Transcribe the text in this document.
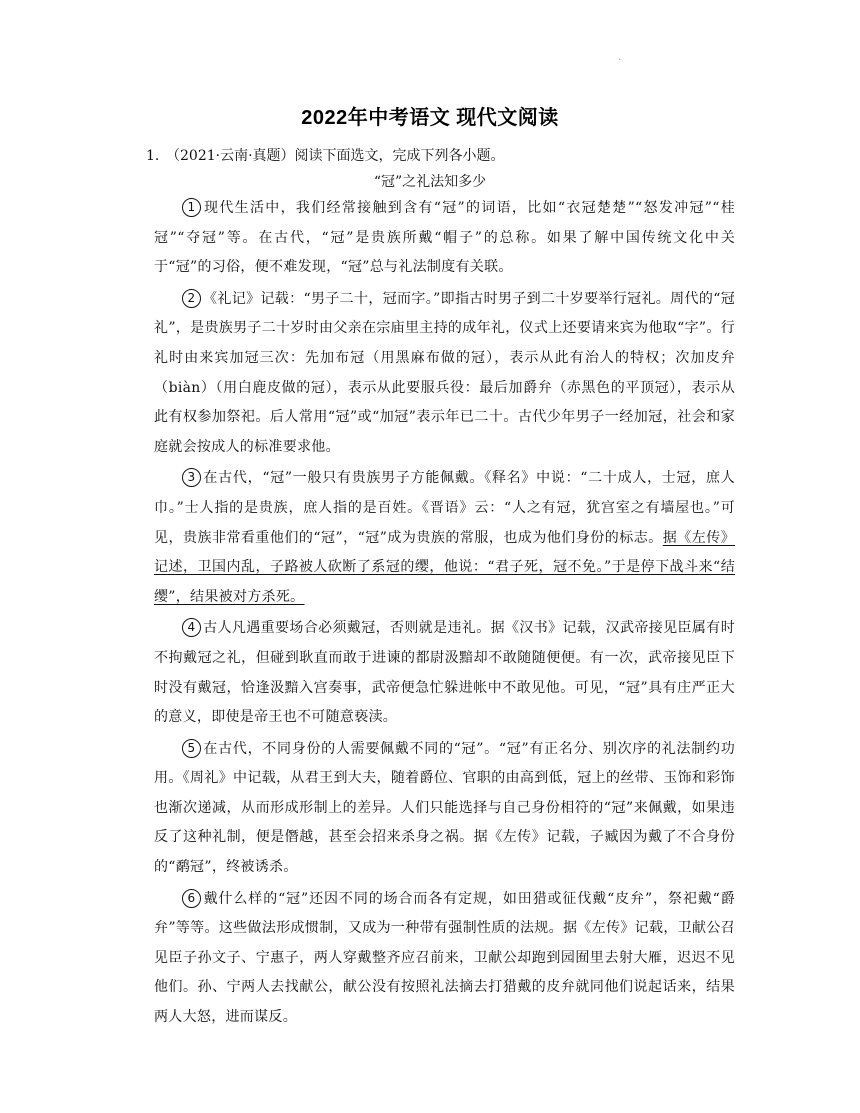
.
2022年中考语文 现代文阅读
1. （2021·云南·真题）阅读下面选文，完成下列各小题。
“冠”之礼法知多少

1 现代生活中，我们经常接触到含有“冠”的词语，比如“衣冠楚楚”“怒发冲冠”“桂冠”“夺冠”等。在古代，“冠”是贵族所戴“帽子”的总称。如果了解中国传统文化中关于“冠”的习俗，便不难发现，“冠”总与礼法制度有关联。

2 《礼记》记载：“男子二十，冠而字。”即指古时男子到二十岁要举行冠礼。周代的“冠礼”，是贵族男子二十岁时由父亲在宗庙里主持的成年礼，仪式上还要请来宾为他取“字”。行礼时由来宾加冠三次：先加布冠（用黑麻布做的冠），表示从此有治人的特权；次加皮弁（biàn）（用白鹿皮做的冠），表示从此要服兵役：最后加爵弁（赤黑色的平顶冠），表示从此有权参加祭祀。后人常用“冠”或“加冠”表示年已二十。古代少年男子一经加冠，社会和家庭就会按成人的标准要求他。

3 在古代，“冠”一般只有贵族男子方能佩戴。《释名》中说：“二十成人，士冠，庶人巾。”士人指的是贵族，庶人指的是百姓。《晋语》云：“人之有冠，犹宫室之有墙屋也。”可见，贵族非常看重他们的“冠”，“冠”成为贵族的常服，也成为他们身份的标志。据《左传》记述，卫国内乱，子路被人砍断了系冠的缨，他说：“君子死，冠不免。”于是停下战斗来“结缨”，结果被对方杀死。

4 古人凡遇重要场合必须戴冠，否则就是违礼。据《汉书》记载，汉武帝接见臣属有时不拘戴冠之礼，但碰到耿直而敢于进谏的都尉汲黯却不敢随随便便。有一次，武帝接见臣下时没有戴冠，恰逢汲黯入宫奏事，武帝便急忙躲进帐中不敢见他。可见，“冠”具有庄严正大的意义，即使是帝王也不可随意亵渎。

5 在古代，不同身份的人需要佩戴不同的“冠”。“冠”有正名分、别次序的礼法制约功用。《周礼》中记载，从君王到大夫，随着爵位、官职的由高到低，冠上的丝带、玉饰和彩饰也渐次递减，从而形成形制上的差异。人们只能选择与自己身份相符的“冠”来佩戴，如果违反了这种礼制，便是僭越，甚至会招来杀身之祸。据《左传》记载，子臧因为戴了不合身份的“鹬冠”，终被诱杀。

6 戴什么样的“冠”还因不同的场合而各有定规，如田猎或征伐戴“皮弁”，祭祀戴“爵弁”等等。这些做法形成惯制，又成为一种带有强制性质的法规。据《左传》记载，卫献公召见臣子孙文子、宁惠子，两人穿戴整齐应召前来，卫献公却跑到园囿里去射大雁，迟迟不见他们。孙、宁两人去找献公，献公没有按照礼法摘去打猎戴的皮弁就同他们说起话来，结果两人大怒，进而谋反。
